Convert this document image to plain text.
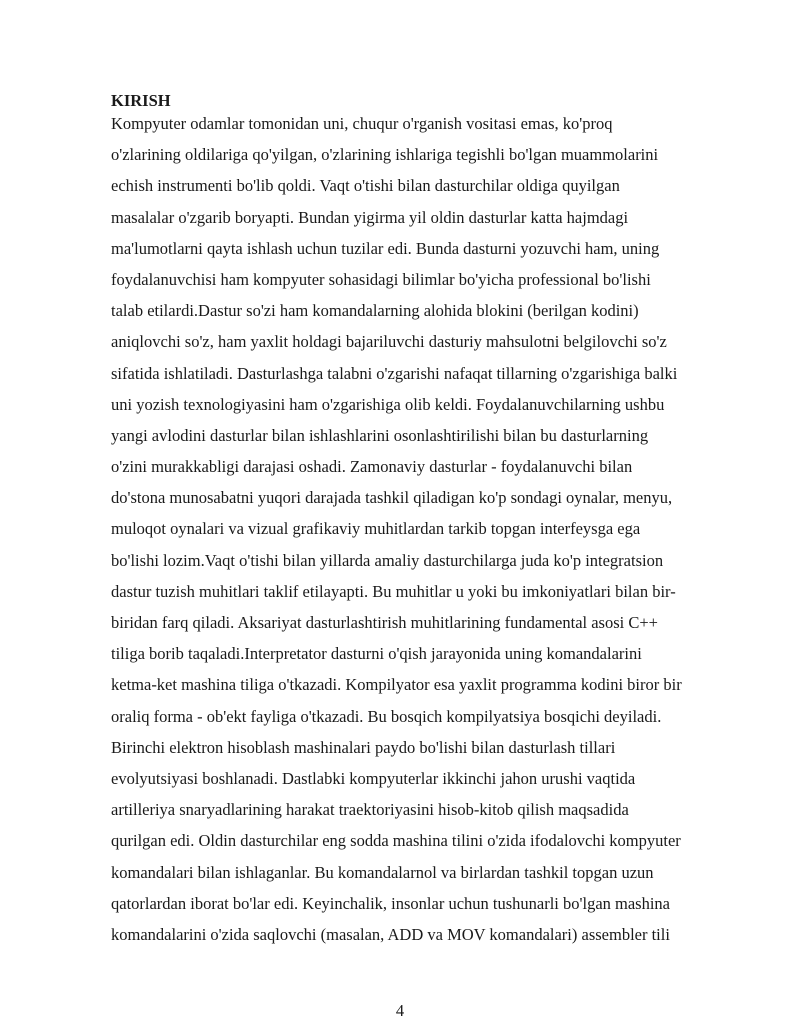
KIRISH
Kompyuter odamlar tomonidan uni, chuqur o'rganish vositasi emas, ko'proq
o'zlarining oldilariga qo'yilgan, o'zlarining ishlariga tegishli bo'lgan muammolarini
echish instrumenti bo'lib qoldi. Vaqt o'tishi bilan dasturchilar oldiga quyilgan
masalalar o'zgarib boryapti. Bundan yigirma yil oldin dasturlar katta hajmdagi
ma'lumotlarni qayta ishlash uchun tuzilar edi. Bunda dasturni yozuvchi ham, uning
foydalanuvchisi ham kompyuter sohasidagi bilimlar bo'yicha professional bo'lishi
talab etilardi.Dastur so'zi ham komandalarning alohida blokini (berilgan kodini)
aniqlovchi so'z, ham yaxlit holdagi bajariluvchi dasturiy mahsulotni belgilovchi so'z
sifatida ishlatiladi. Dasturlashga talabni o'zgarishi nafaqat tillarning o'zgarishiga balki
uni yozish texnologiyasini ham o'zgarishiga olib keldi. Foydalanuvchilarning ushbu
yangi avlodini dasturlar bilan ishlashlarini osonlashtirilishi bilan bu dasturlarning
o'zini murakkabligi darajasi oshadi. Zamonaviy dasturlar - foydalanuvchi bilan
do'stona munosabatni yuqori darajada tashkil qiladigan ko'p sondagi oynalar, menyu,
muloqot oynalari va vizual grafikaviy muhitlardan tarkib topgan interfeysga ega
bo'lishi lozim.Vaqt o'tishi bilan yillarda amaliy dasturchilarga juda ko'p integratsion
dastur tuzish muhitlari taklif etilayapti. Bu muhitlar u yoki bu imkoniyatlari bilan bir-
biridan farq qiladi. Aksariyat dasturlashtirish muhitlarining fundamental asosi C++
tiliga borib taqaladi.Interpretator dasturni o'qish jarayonida uning komandalarini
ketma-ket mashina tiliga o'tkazadi. Kompilyator esa yaxlit programma kodini biror bir
oraliq forma - ob'ekt fayliga o'tkazadi. Bu bosqich kompilyatsiya bosqichi deyiladi.
Birinchi elektron hisoblash mashinalari paydo bo'lishi bilan dasturlash tillari
evolyutsiyasi boshlanadi. Dastlabki kompyuterlar ikkinchi jahon urushi vaqtida
artilleriya snaryadlarining harakat traektoriyasini hisob-kitob qilish maqsadida
qurilgan edi. Oldin dasturchilar eng sodda mashina tilini o'zida ifodalovchi kompyuter
komandalari bilan ishlaganlar. Bu komandalarnol va birlardan tashkil topgan uzun
qatorlardan iborat bo'lar edi. Keyinchalik, insonlar uchun tushunarli bo'lgan mashina
komandalarini o'zida saqlovchi (masalan, ADD va MOV komandalari) assembler tili
4
